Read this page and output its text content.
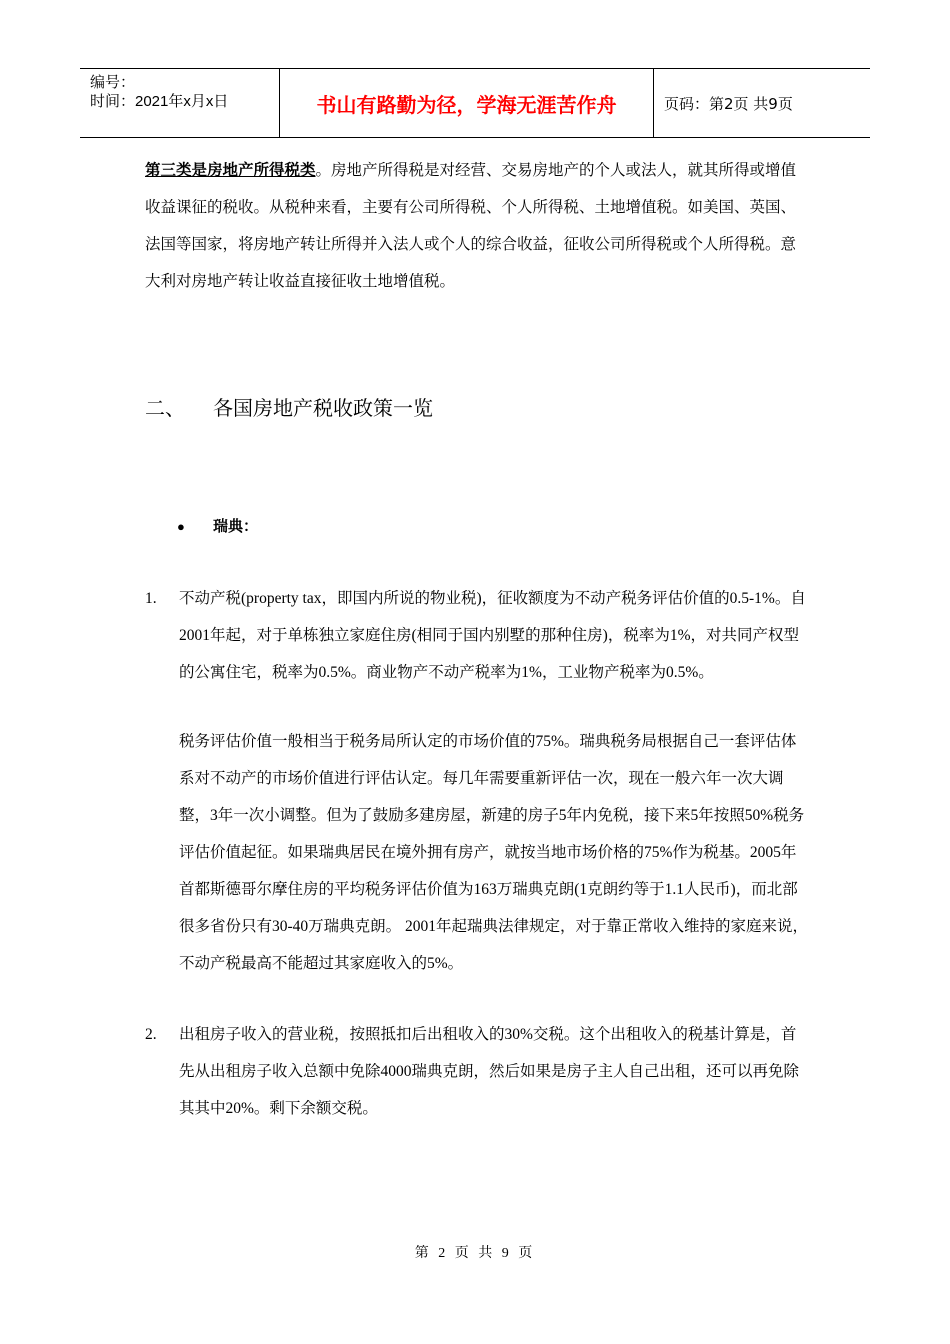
编号：
时间：2021年x月x日	书山有路勤为径，学海无涯苦作舟	页码：第2页 共9页

第三类是房地产所得税类。房地产所得税是对经营、交易房地产的个人或法人，就其所得或增值收益课征的税收。从税种来看，主要有公司所得税、个人所得税、土地增值税。如美国、英国、法国等国家，将房地产转让所得并入法人或个人的综合收益，征收公司所得税或个人所得税。意大利对房地产转让收益直接征收土地增值税。

二、 各国房地产税收政策一览
● 瑞典：
1.	不动产税(property tax，即国内所说的物业税)，征收额度为不动产税务评估价值的0.5-1%。自2001年起，对于单栋独立家庭住房(相同于国内别墅的那种住房)，税率为1%，对共同产权型的公寓住宅，税率为0.5%。商业物产不动产税率为1%，工业物产税率为0.5%。

税务评估价值一般相当于税务局所认定的市场价值的75%。瑞典税务局根据自己一套评估体系对不动产的市场价值进行评估认定。每几年需要重新评估一次，现在一般六年一次大调整，3年一次小调整。但为了鼓励多建房屋，新建的房子5年内免税，接下来5年按照50%税务评估价值起征。如果瑞典居民在境外拥有房产，就按当地市场价格的75%作为税基。2005年首都斯德哥尔摩住房的平均税务评估价值为163万瑞典克朗(1克朗约等于1.1人民币)，而北部很多省份只有30-40万瑞典克朗。 2001年起瑞典法律规定，对于靠正常收入维持的家庭来说，不动产税最高不能超过其家庭收入的5%。

2.	出租房子收入的营业税，按照抵扣后出租收入的30%交税。这个出租收入的税基计算是，首先从出租房子收入总额中免除4000瑞典克朗，然后如果是房子主人自己出租，还可以再免除其其中20%。剩下余额交税。
第 2 页 共 9 页
